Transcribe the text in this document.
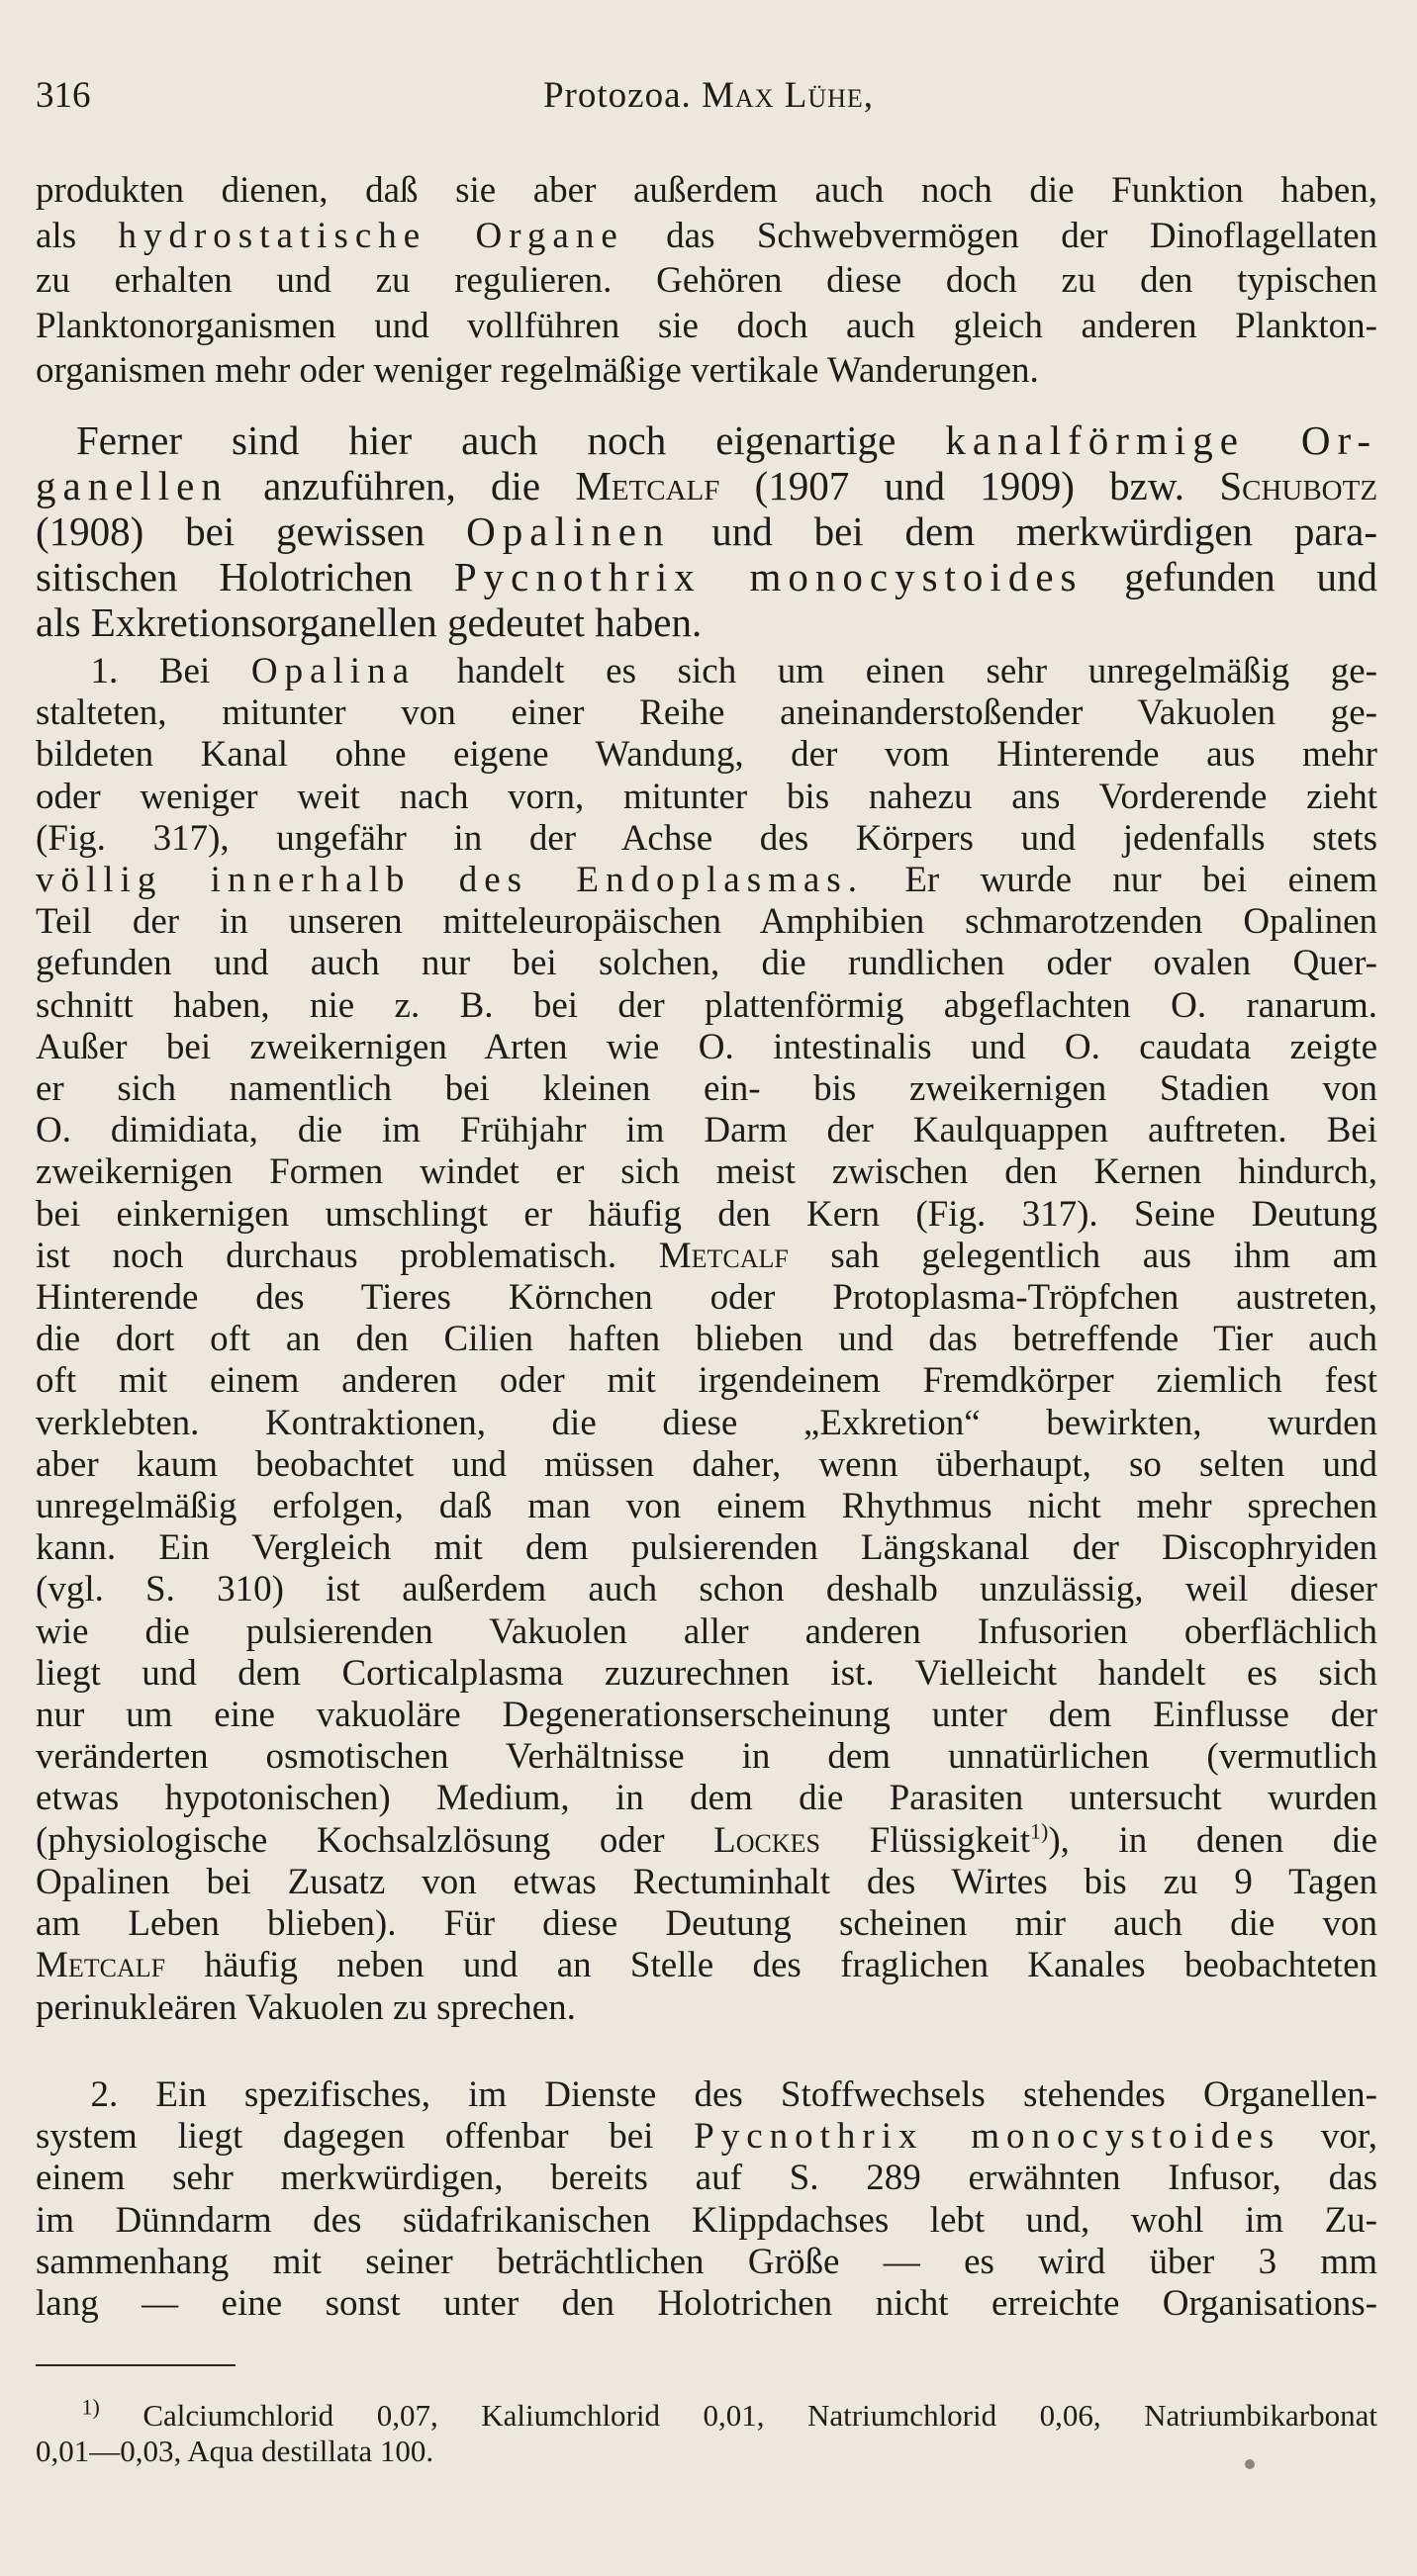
316	Protozoa. Max Lühe,
produkten dienen, daß sie aber außerdem auch noch die Funktion haben,
als hydrostatische Organe das Schwebvermögen der Dinoflagellaten
zu erhalten und zu regulieren. Gehören diese doch zu den typischen
Planktonorganismen und vollführen sie doch auch gleich anderen Plankton-
organismen mehr oder weniger regelmäßige vertikale Wanderungen.
 Ferner sind hier auch noch eigenartige kanalförmige Or-
ganellen anzuführen, die Metcalf (1907 und 1909) bzw. Schubotz
(1908) bei gewissen Opalinen und bei dem merkwürdigen para-
sitischen Holotrichen Pycnothrix monocystoides gefunden und
als Exkretionsorganellen gedeutet haben.
  1. Bei Opalina handelt es sich um einen sehr unregelmäßig ge-
stalteten, mitunter von einer Reihe aneinanderstoßender Vakuolen ge-
bildeten Kanal ohne eigene Wandung, der vom Hinterende aus mehr
oder weniger weit nach vorn, mitunter bis nahezu ans Vorderende zieht
(Fig. 317), ungefähr in der Achse des Körpers und jedenfalls stets
völlig innerhalb des Endoplasmas. Er wurde nur bei einem
Teil der in unseren mitteleuropäischen Amphibien schmarotzenden Opalinen
gefunden und auch nur bei solchen, die rundlichen oder ovalen Quer-
schnitt haben, nie z. B. bei der plattenförmig abgeflachten O. ranarum.
Außer bei zweikernigen Arten wie O. intestinalis und O. caudata zeigte
er sich namentlich bei kleinen ein- bis zweikernigen Stadien von
O. dimidiata, die im Frühjahr im Darm der Kaulquappen auftreten. Bei
zweikernigen Formen windet er sich meist zwischen den Kernen hindurch,
bei einkernigen umschlingt er häufig den Kern (Fig. 317). Seine Deutung
ist noch durchaus problematisch. Metcalf sah gelegentlich aus ihm am
Hinterende des Tieres Körnchen oder Protoplasma-Tröpfchen austreten,
die dort oft an den Cilien haften blieben und das betreffende Tier auch
oft mit einem anderen oder mit irgendeinem Fremdkörper ziemlich fest
verklebten. Kontraktionen, die diese „Exkretion“ bewirkten, wurden
aber kaum beobachtet und müssen daher, wenn überhaupt, so selten und
unregelmäßig erfolgen, daß man von einem Rhythmus nicht mehr sprechen
kann. Ein Vergleich mit dem pulsierenden Längskanal der Discophryiden
(vgl. S. 310) ist außerdem auch schon deshalb unzulässig, weil dieser
wie die pulsierenden Vakuolen aller anderen Infusorien oberflächlich
liegt und dem Corticalplasma zuzurechnen ist. Vielleicht handelt es sich
nur um eine vakuoläre Degenerationserscheinung unter dem Einflusse der
veränderten osmotischen Verhältnisse in dem unnatürlichen (vermutlich
etwas hypotonischen) Medium, in dem die Parasiten untersucht wurden
(physiologische Kochsalzlösung oder Lockes Flüssigkeit$^{1)}$), in denen die
Opalinen bei Zusatz von etwas Rectuminhalt des Wirtes bis zu 9 Tagen
am Leben blieben). Für diese Deutung scheinen mir auch die von
Metcalf häufig neben und an Stelle des fraglichen Kanales beobachteten
perinukleären Vakuolen zu sprechen.
  2. Ein spezifisches, im Dienste des Stoffwechsels stehendes Organellen-
system liegt dagegen offenbar bei Pycnothrix monocystoides vor,
einem sehr merkwürdigen, bereits auf S. 289 erwähnten Infusor, das
im Dünndarm des südafrikanischen Klippdachses lebt und, wohl im Zu-
sammenhang mit seiner beträchtlichen Größe — es wird über 3 mm
lang — eine sonst unter den Holotrichen nicht erreichte Organisations-
  $^{1)}$ Calciumchlorid 0,07, Kaliumchlorid 0,01, Natriumchlorid 0,06, Natriumbikarbonat
0,01—0,03, Aqua destillata 100.
